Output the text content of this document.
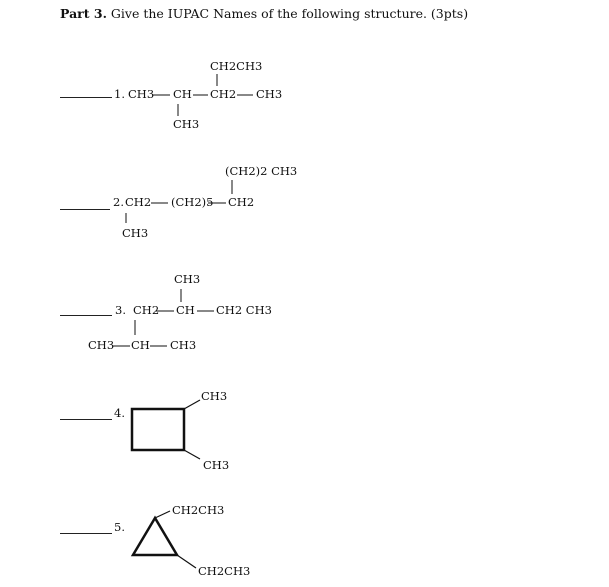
Part 3. Give the IUPAC Names of the following structure. (3pts)
1. CH3 CH CH2 CH3
CH2CH3
CH3
2. CH2 (CH2)5 CH2
(CH2)2 CH3
CH3
3. CH2 CH CH2 CH3
CH3
CH3 CH CH3
4.
CH3
CH3
5.
CH2CH3
CH2CH3
